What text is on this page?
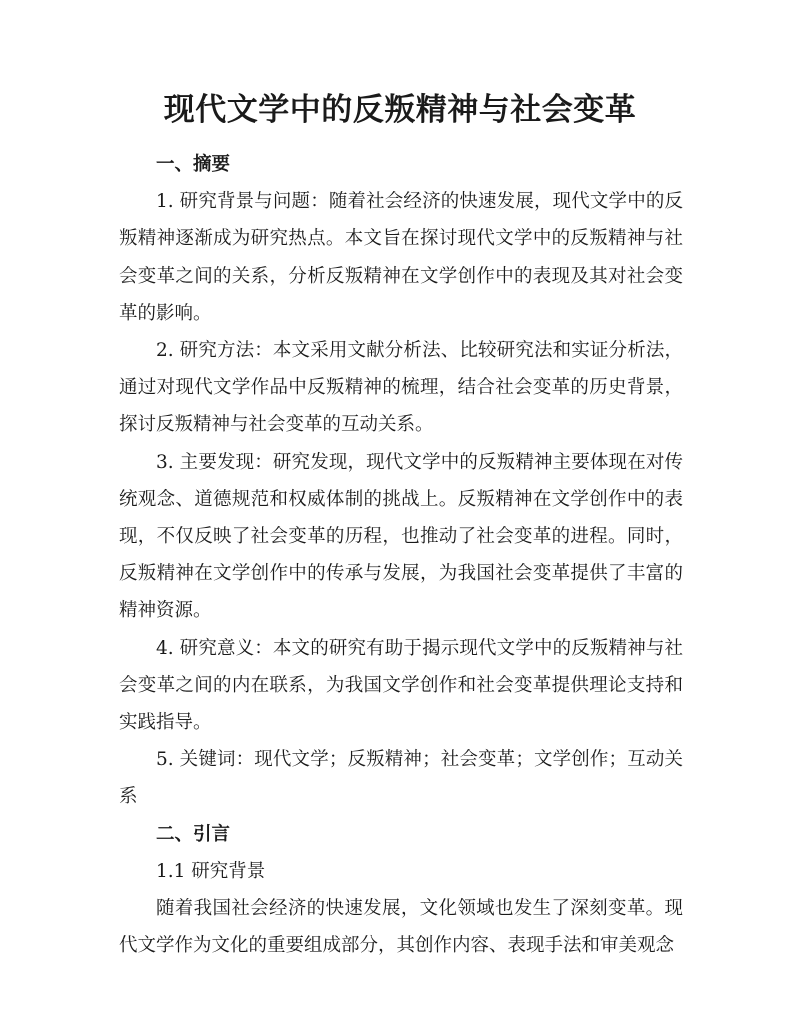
现代文学中的反叛精神与社会变革
一、摘要

1. 研究背景与问题：随着社会经济的快速发展，现代文学中的反叛精神逐渐成为研究热点。本文旨在探讨现代文学中的反叛精神与社会变革之间的关系，分析反叛精神在文学创作中的表现及其对社会变革的影响。

2. 研究方法：本文采用文献分析法、比较研究法和实证分析法，通过对现代文学作品中反叛精神的梳理，结合社会变革的历史背景，探讨反叛精神与社会变革的互动关系。

3. 主要发现：研究发现，现代文学中的反叛精神主要体现在对传统观念、道德规范和权威体制的挑战上。反叛精神在文学创作中的表现，不仅反映了社会变革的历程，也推动了社会变革的进程。同时，反叛精神在文学创作中的传承与发展，为我国社会变革提供了丰富的精神资源。

4. 研究意义：本文的研究有助于揭示现代文学中的反叛精神与社会变革之间的内在联系，为我国文学创作和社会变革提供理论支持和实践指导。

5. 关键词：现代文学；反叛精神；社会变革；文学创作；互动关系

二、引言
1.1 研究背景

随着我国社会经济的快速发展，文化领域也发生了深刻变革。现代文学作为文化的重要组成部分，其创作内容、表现手法和审美观念
